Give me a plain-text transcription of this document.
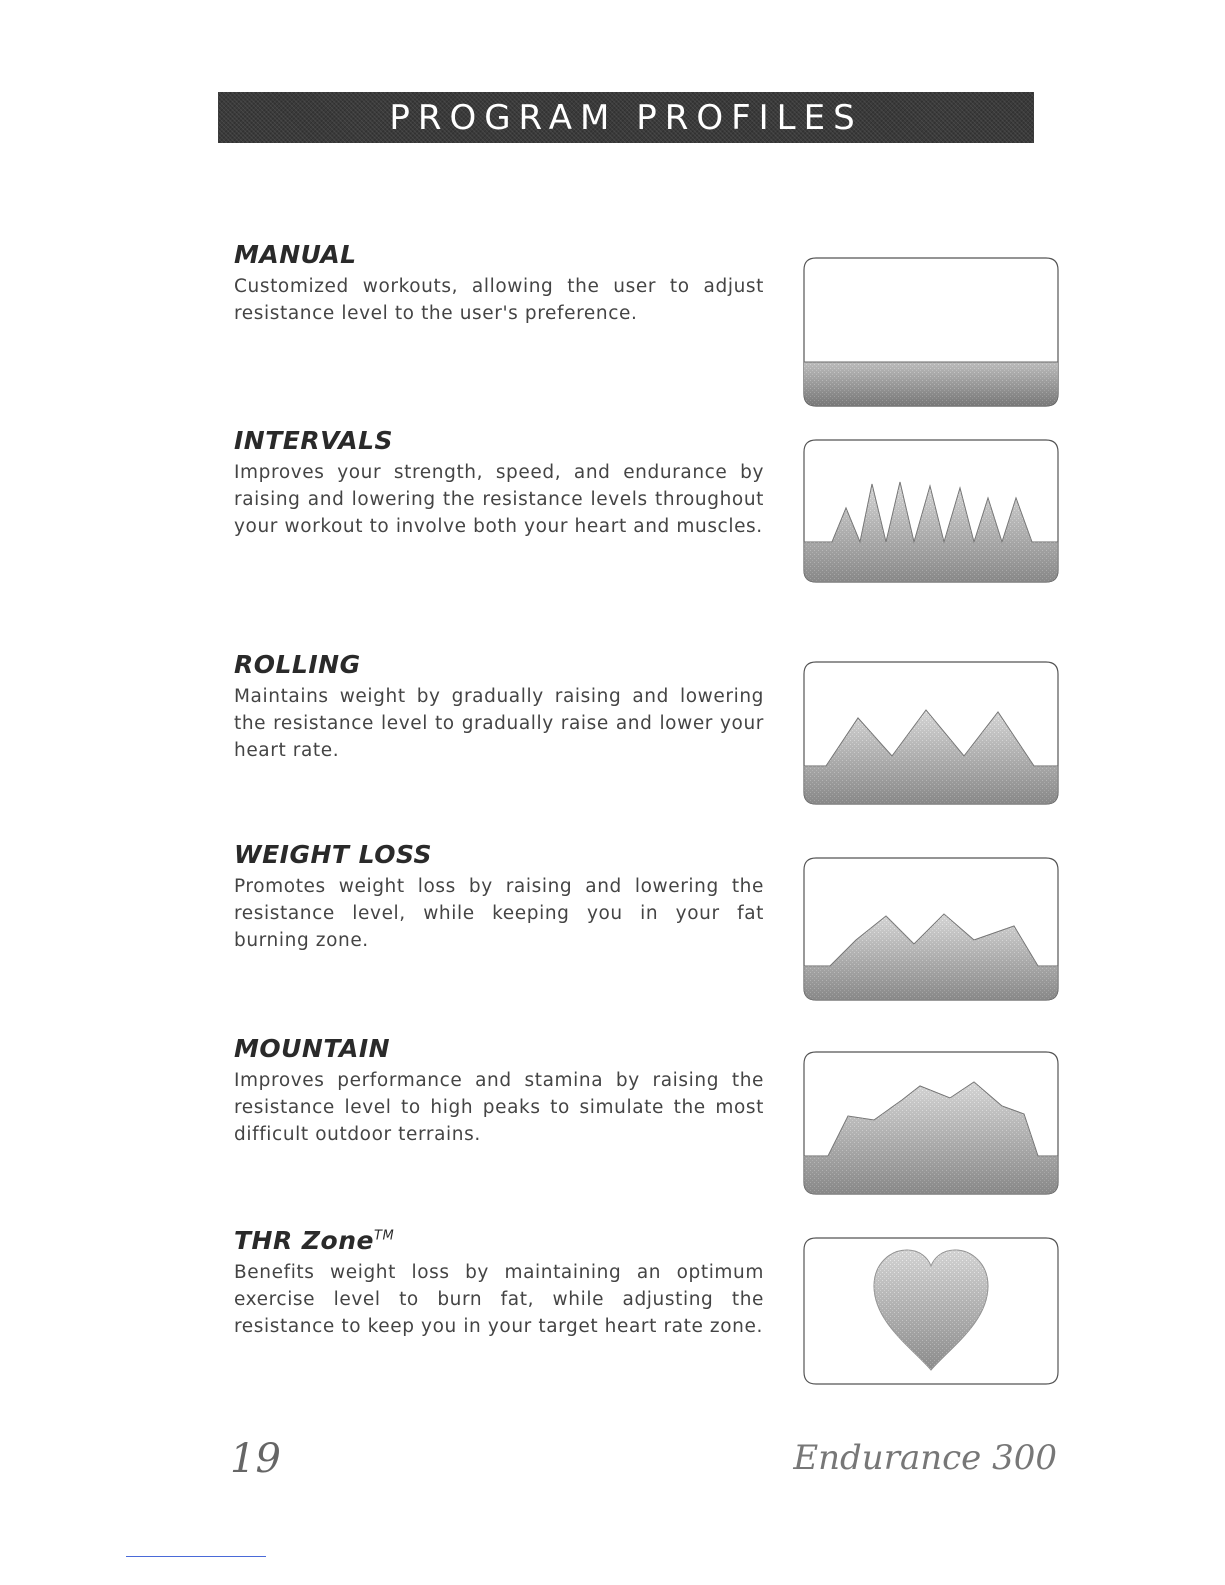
PROGRAM PROFILES
MANUAL

Customized workouts, allowing the user to adjust resistance level to the user's preference.

INTERVALS

Improves your strength, speed, and endurance by raising and lowering the resistance levels throughout your workout to involve both your heart and muscles.

ROLLING

Maintains weight by gradually raising and lowering the resistance level to gradually raise and lower your heart rate.

WEIGHT LOSS

Promotes weight loss by raising and lowering the resistance level, while keeping you in your fat burning zone.

MOUNTAIN

Improves performance and stamina by raising the resistance level to high peaks to simulate the most difficult outdoor terrains.

THR Zone™

Benefits weight loss by maintaining an optimum exercise level to burn fat, while adjusting the resistance to keep you in your target heart rate zone.

19	Endurance 300
